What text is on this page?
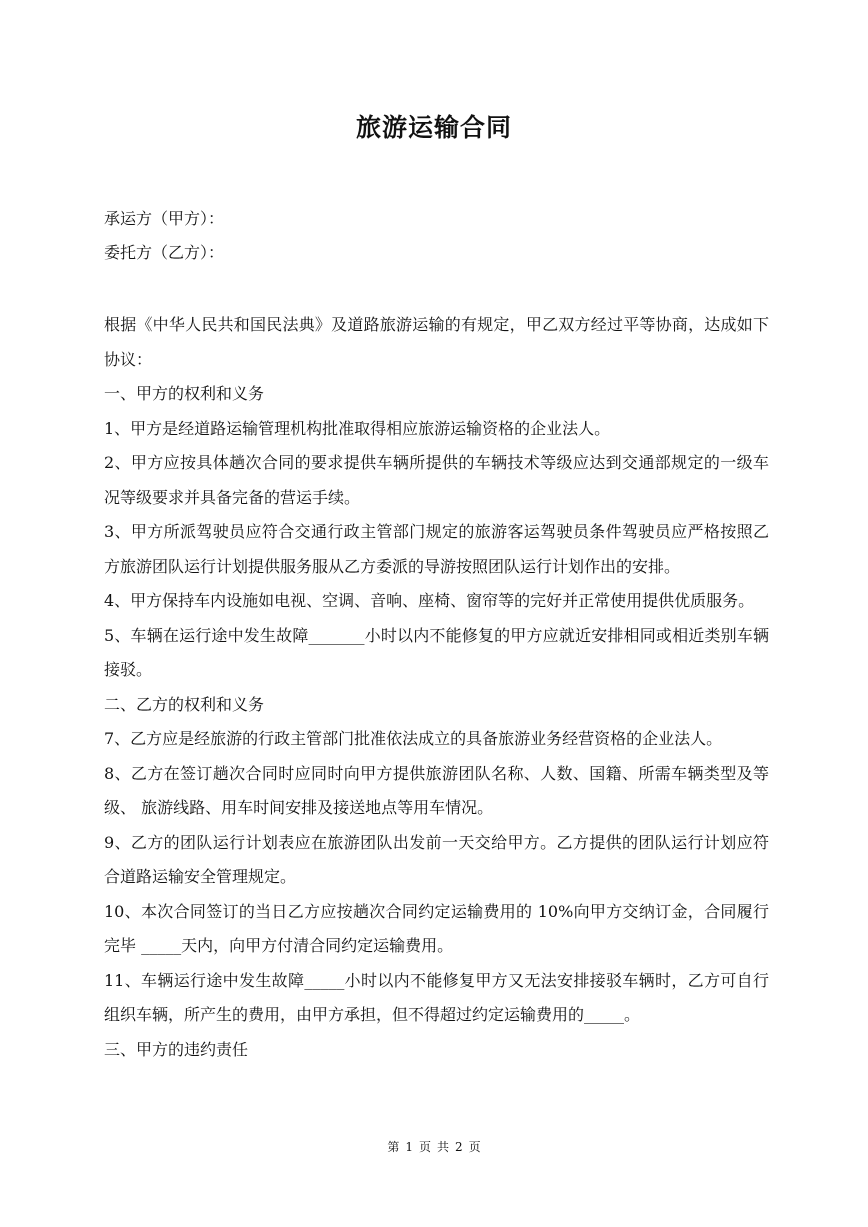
旅游运输合同

承运方（甲方）：

委托方（乙方）：

根据《中华人民共和国民法典》及道路旅游运输的有规定，甲乙双方经过平等协商，达成如下协议：

一、甲方的权利和义务

1、甲方是经道路运输管理机构批准取得相应旅游运输资格的企业法人。

2、甲方应按具体趟次合同的要求提供车辆所提供的车辆技术等级应达到交通部规定的一级车况等级要求并具备完备的营运手续。

3、甲方所派驾驶员应符合交通行政主管部门规定的旅游客运驾驶员条件驾驶员应严格按照乙方旅游团队运行计划提供服务服从乙方委派的导游按照团队运行计划作出的安排。

4、甲方保持车内设施如电视、空调、音响、座椅、窗帘等的完好并正常使用提供优质服务。

5、车辆在运行途中发生故障_______小时以内不能修复的甲方应就近安排相同或相近类别车辆接驳。

二、乙方的权利和义务

7、乙方应是经旅游的行政主管部门批准依法成立的具备旅游业务经营资格的企业法人。

8、乙方在签订趟次合同时应同时向甲方提供旅游团队名称、人数、国籍、所需车辆类型及等级、 旅游线路、用车时间安排及接送地点等用车情况。

9、乙方的团队运行计划表应在旅游团队出发前一天交给甲方。乙方提供的团队运行计划应符合道路运输安全管理规定。

10、本次合同签订的当日乙方应按趟次合同约定运输费用的 10%向甲方交纳订金，合同履行完毕 _____天内，向甲方付清合同约定运输费用。

11、车辆运行途中发生故障_____小时以内不能修复甲方又无法安排接驳车辆时，乙方可自行组织车辆，所产生的费用，由甲方承担，但不得超过约定运输费用的_____。

三、甲方的违约责任

第 1 页 共 2 页
